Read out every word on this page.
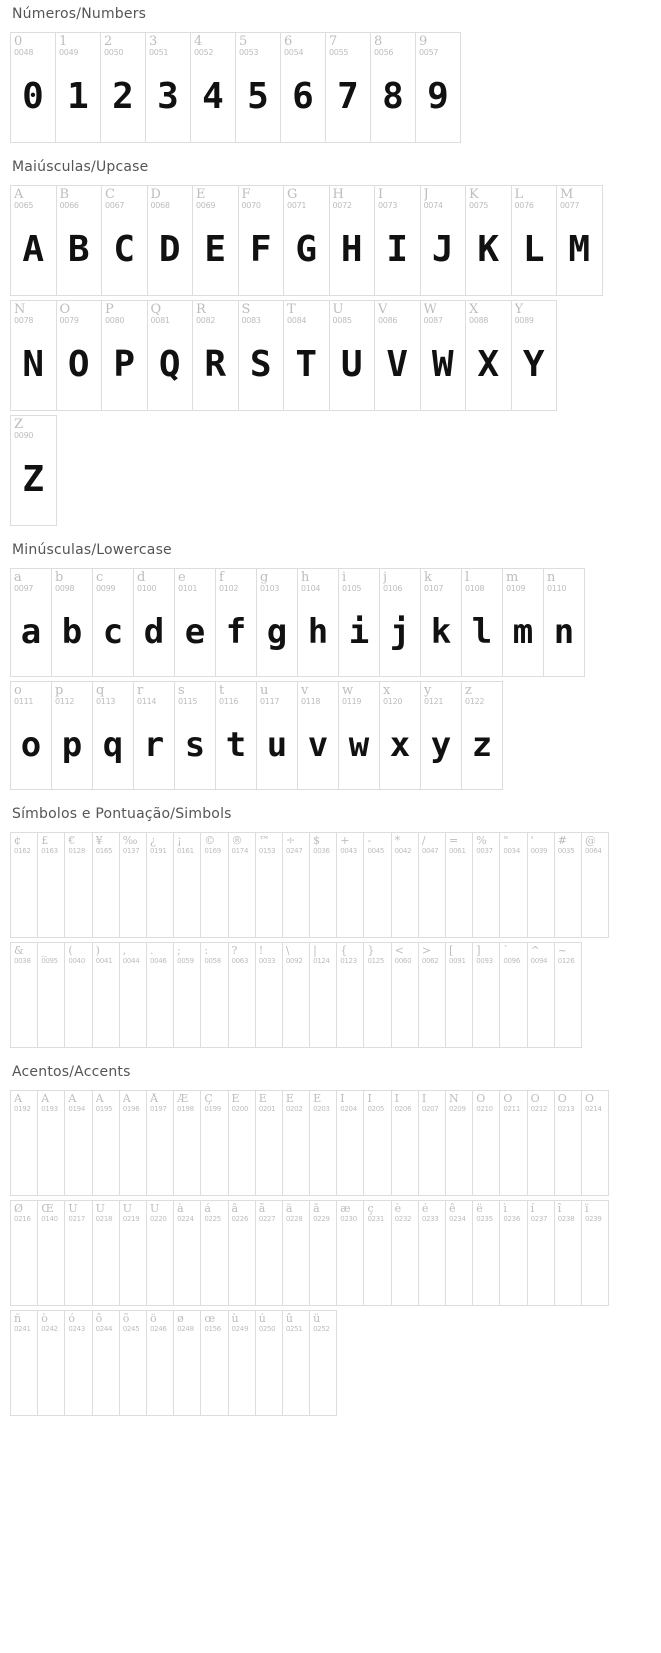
Números/Numbers
0
0048
0
1
0049
1
2
0050
2
3
0051
3
4
0052
4
5
0053
5
6
0054
6
7
0055
7
8
0056
8
9
0057
9
Maiúsculas/Upcase
A
0065
A
B
0066
B
C
0067
C
D
0068
D
E
0069
E
F
0070
F
G
0071
G
H
0072
H
I
0073
I
J
0074
J
K
0075
K
L
0076
L
M
0077
M
N
0078
N
O
0079
O
P
0080
P
Q
0081
Q
R
0082
R
S
0083
S
T
0084
T
U
0085
U
V
0086
V
W
0087
W
X
0088
X
Y
0089
Y
Z
0090
Z
Minúsculas/Lowercase
a
0097
a
b
0098
b
c
0099
c
d
0100
d
e
0101
e
f
0102
f
g
0103
g
h
0104
h
i
0105
i
j
0106
j
k
0107
k
l
0108
l
m
0109
m
n
0110
n
o
0111
o
p
0112
p
q
0113
q
r
0114
r
s
0115
s
t
0116
t
u
0117
u
v
0118
v
w
0119
w
x
0120
x
y
0121
y
z
0122
z
Símbolos e Pontuação/Simbols
¢
0162
£
0163
€
0128
¥
0165
‰
0137
¿
0191
¡
0161
©
0169
®
0174
™
0153
÷
0247
$
0036
+
0043
-
0045
*
0042
/
0047
=
0061
%
0037
"
0034
'
0039
#
0035
@
0064
&
0038
_
0095
(
0040
)
0041
,
0044
.
0046
;
0059
:
0058
?
0063
!
0033
\
0092
|
0124
{
0123
}
0125
<
0060
>
0062
[
0091
]
0093
`
0096
^
0094
~
0126
Acentos/Accents
À
0192
Á
0193
Â
0194
Ã
0195
Ä
0196
Å
0197
Æ
0198
Ç
0199
È
0200
É
0201
Ê
0202
Ë
0203
Ì
0204
Í
0205
Î
0206
Ï
0207
Ñ
0209
Ò
0210
Ó
0211
Ô
0212
Õ
0213
Ö
0214
Ø
0216
Œ
0140
Ù
0217
Ú
0218
Û
0219
Ü
0220
à
0224
á
0225
â
0226
ã
0227
ä
0228
å
0229
æ
0230
ç
0231
è
0232
é
0233
ê
0234
ë
0235
ì
0236
í
0237
î
0238
ï
0239
ñ
0241
ò
0242
ó
0243
ô
0244
õ
0245
ö
0246
ø
0248
œ
0156
ù
0249
ú
0250
û
0251
ü
0252
